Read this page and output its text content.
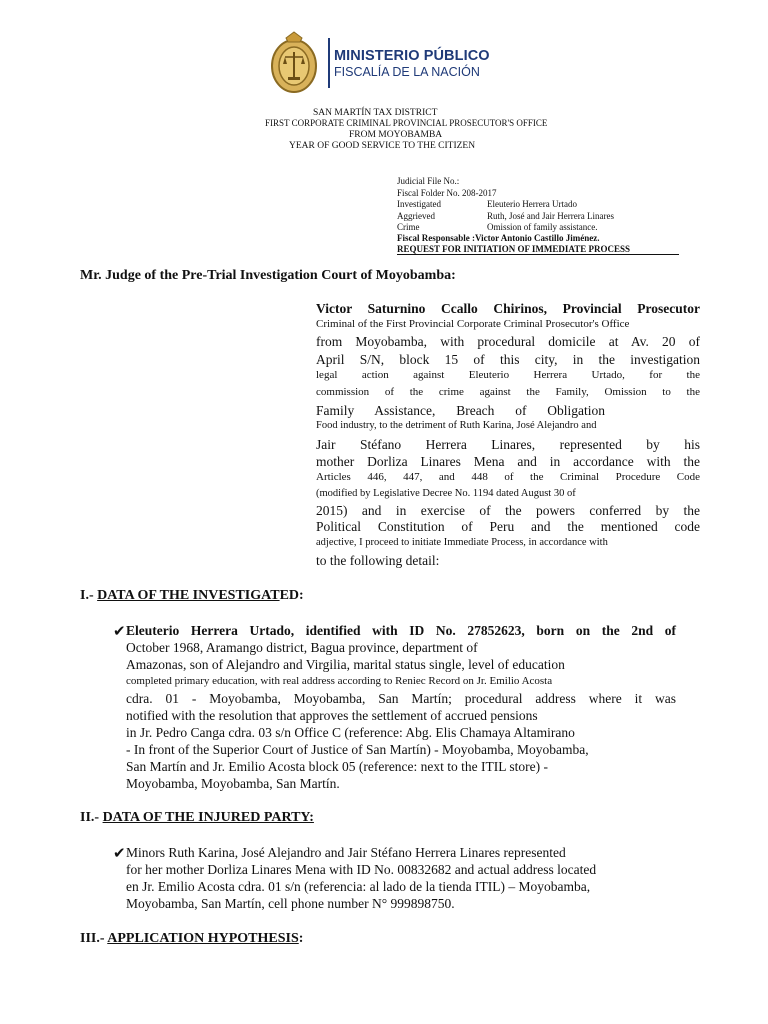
MINISTERIO PÚBLICO
FISCALÍA DE LA NACIÓN
SAN MARTÍN TAX DISTRICT
FIRST CORPORATE CRIMINAL PROVINCIAL PROSECUTOR'S OFFICE
FROM MOYOBAMBA
YEAR OF GOOD SERVICE TO THE CITIZEN
Judicial File No.:
Fiscal Folder No. 208-2017
Investigated	Eleuterio Herrera Urtado
Aggrieved	Ruth, José and Jair Herrera Linares
Crime	Omission of family assistance.
Fiscal Responsable :Victor Antonio Castillo Jiménez.
REQUEST FOR INITIATION OF IMMEDIATE PROCESS
Mr. Judge of the Pre-Trial Investigation Court of Moyobamba:
Victor Saturnino Ccallo Chirinos, Provincial Prosecutor
Criminal of the First Provincial Corporate Criminal Prosecutor's Office
from Moyobamba, with procedural domicile at Av. 20 of
April S/N, block 15 of this city, in the investigation
legal action against Eleuterio Herrera Urtado, for the
commission of the crime against the Family, Omission to the
Family Assistance, Breach of Obligation
Food industry, to the detriment of Ruth Karina, José Alejandro and
Jair Stéfano Herrera Linares, represented by his
mother Dorliza Linares Mena and in accordance with the
Articles 446, 447, and 448 of the Criminal Procedure Code
(modified by Legislative Decree No. 1194 dated August 30 of
2015) and in exercise of the powers conferred by the
Political Constitution of Peru and the mentioned code
adjective, I proceed to initiate Immediate Process, in accordance with
to the following detail:
I.- DATA OF THE INVESTIGATED:
✔ Eleuterio Herrera Urtado, identified with ID No. 27852623, born on the 2nd of
October 1968, Aramango district, Bagua province, department of
Amazonas, son of Alejandro and Virgilia, marital status single, level of education
completed primary education, with real address according to Reniec Record on Jr. Emilio Acosta
cdra. 01 - Moyobamba, Moyobamba, San Martín; procedural address where it was
notified with the resolution that approves the settlement of accrued pensions
in Jr. Pedro Canga cdra. 03 s/n Office C (reference: Abg. Elis Chamaya Altamirano
- In front of the Superior Court of Justice of San Martín) - Moyobamba, Moyobamba,
San Martín and Jr. Emilio Acosta block 05 (reference: next to the ITIL store) -
Moyobamba, Moyobamba, San Martín.
II.- DATA OF THE INJURED PARTY:
✔ Minors Ruth Karina, José Alejandro and Jair Stéfano Herrera Linares represented
for her mother Dorliza Linares Mena with ID No. 00832682 and actual address located
en Jr. Emilio Acosta cdra. 01 s/n (referencia: al lado de la tienda ITIL) – Moyobamba,
Moyobamba, San Martín, cell phone number N° 999898750.
III.- APPLICATION HYPOTHESIS:
